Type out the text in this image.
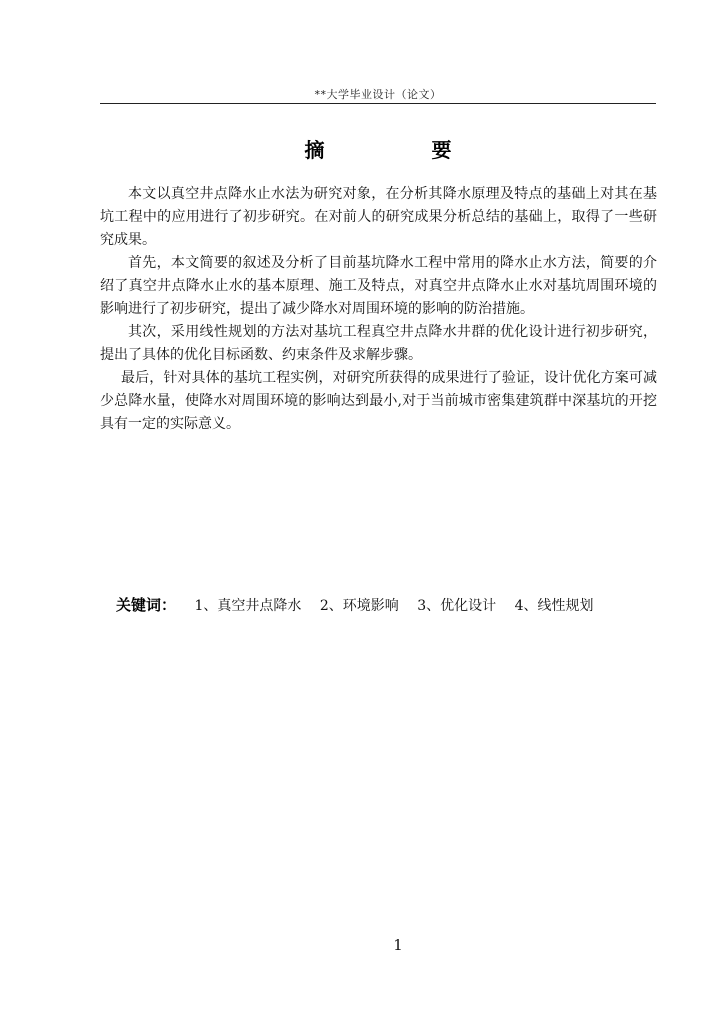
**大学毕业设计（论文）
摘 要

本文以真空井点降水止水法为研究对象，在分析其降水原理及特点的基础上对其在基坑工程中的应用进行了初步研究。在对前人的研究成果分析总结的基础上，取得了一些研究成果。

首先，本文简要的叙述及分析了目前基坑降水工程中常用的降水止水方法，简要的介绍了真空井点降水止水的基本原理、施工及特点，对真空井点降水止水对基坑周围环境的影响进行了初步研究，提出了减少降水对周围环境的影响的防治措施。

其次，采用线性规划的方法对基坑工程真空井点降水井群的优化设计进行初步研究，提出了具体的优化目标函数、约束条件及求解步骤。

最后，针对具体的基坑工程实例，对研究所获得的成果进行了验证，设计优化方案可减少总降水量，使降水对周围环境的影响达到最小,对于当前城市密集建筑群中深基坑的开挖具有一定的实际意义。

关键词： 1、真空井点降水 2、环境影响 3、优化设计 4、线性规划
1
